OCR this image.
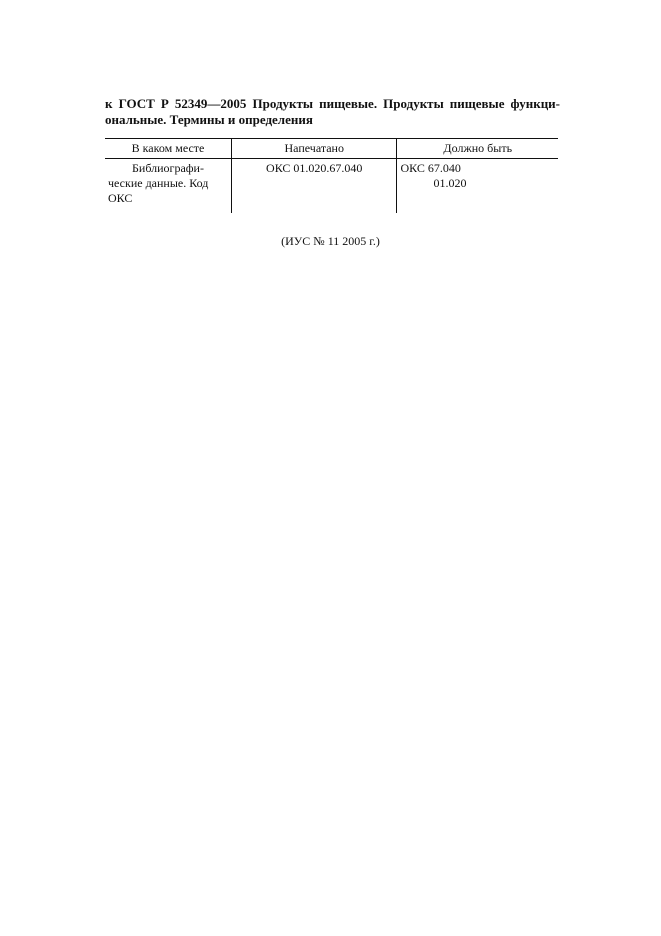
к ГОСТ Р 52349—2005 Продукты пищевые. Продукты пищевые функци-
ональные. Термины и определения
В каком месте	Напечатано	Должно быть
Библиографи-
ческие данные. Код
ОКС	ОКС 01.020.67.040	ОКС 67.040
01.020
(ИУС № 11 2005 г.)
